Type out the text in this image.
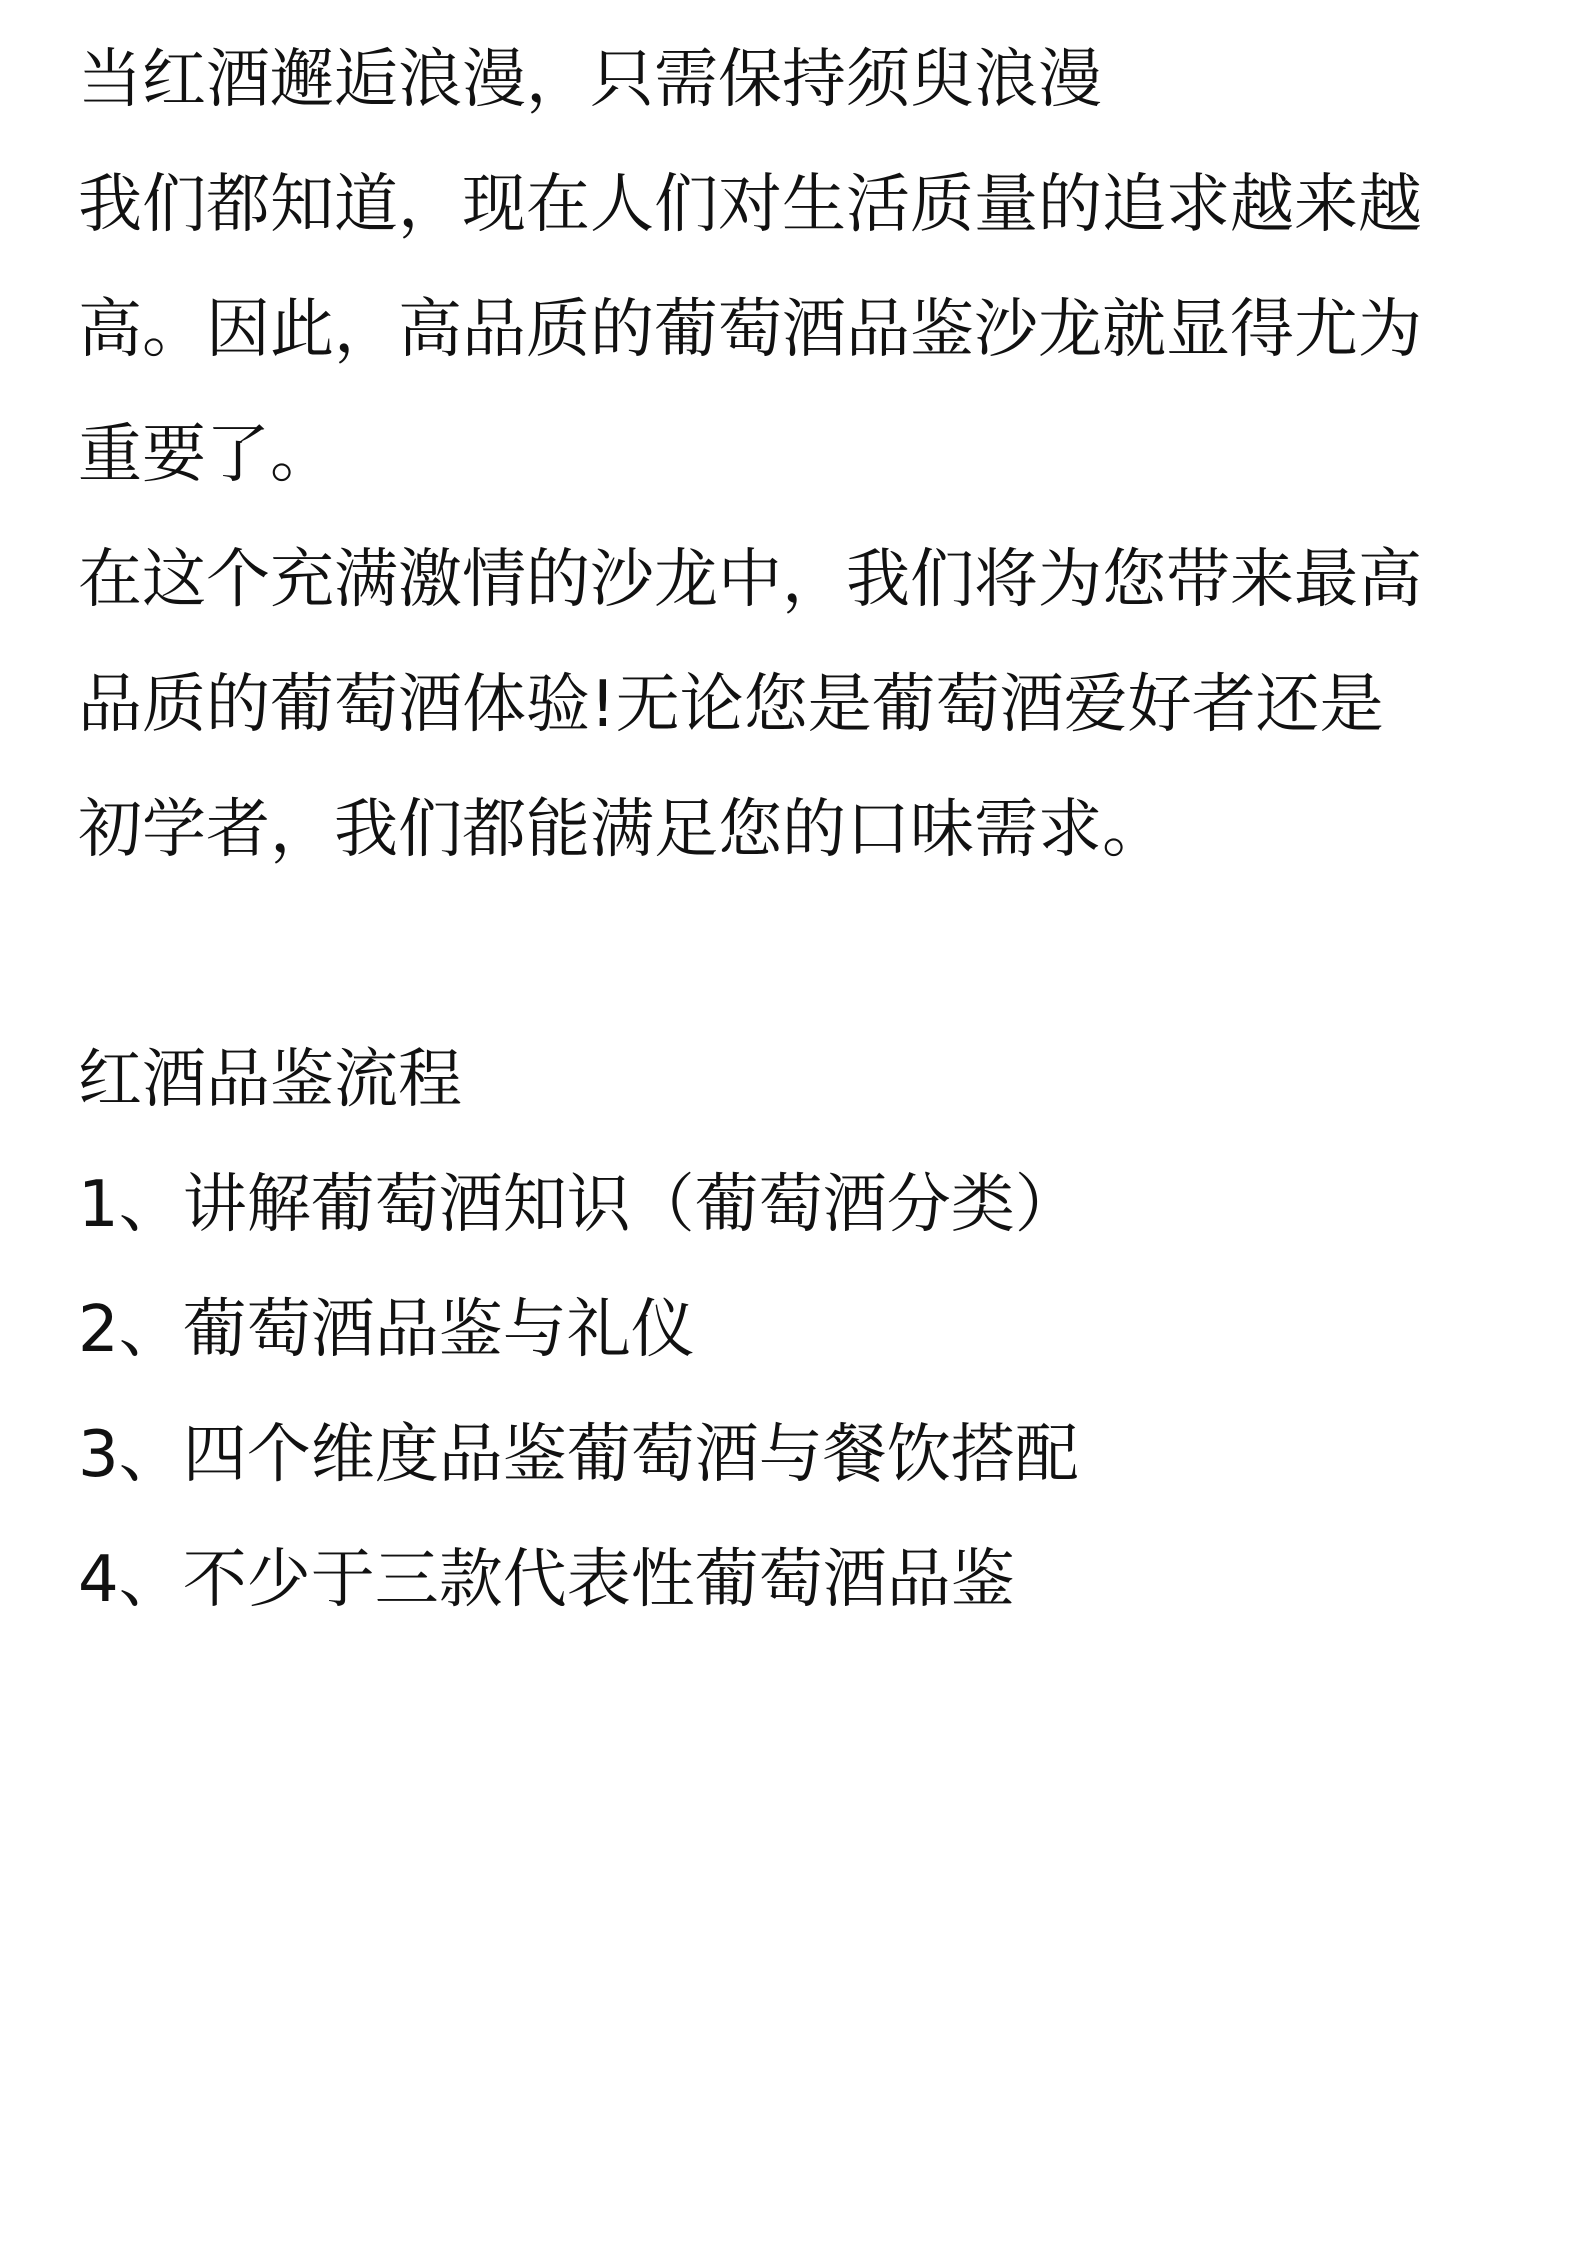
当红酒邂逅浪漫，只需保持须臾浪漫
我们都知道，现在人们对生活质量的追求越来越
高。因此，高品质的葡萄酒品鉴沙龙就显得尤为
重要了。
在这个充满激情的沙龙中，我们将为您带来最高
品质的葡萄酒体验!无论您是葡萄酒爱好者还是
初学者，我们都能满足您的口味需求。
红酒品鉴流程
1、讲解葡萄酒知识（葡萄酒分类）
2、葡萄酒品鉴与礼仪
3、四个维度品鉴葡萄酒与餐饮搭配
4、不少于三款代表性葡萄酒品鉴
